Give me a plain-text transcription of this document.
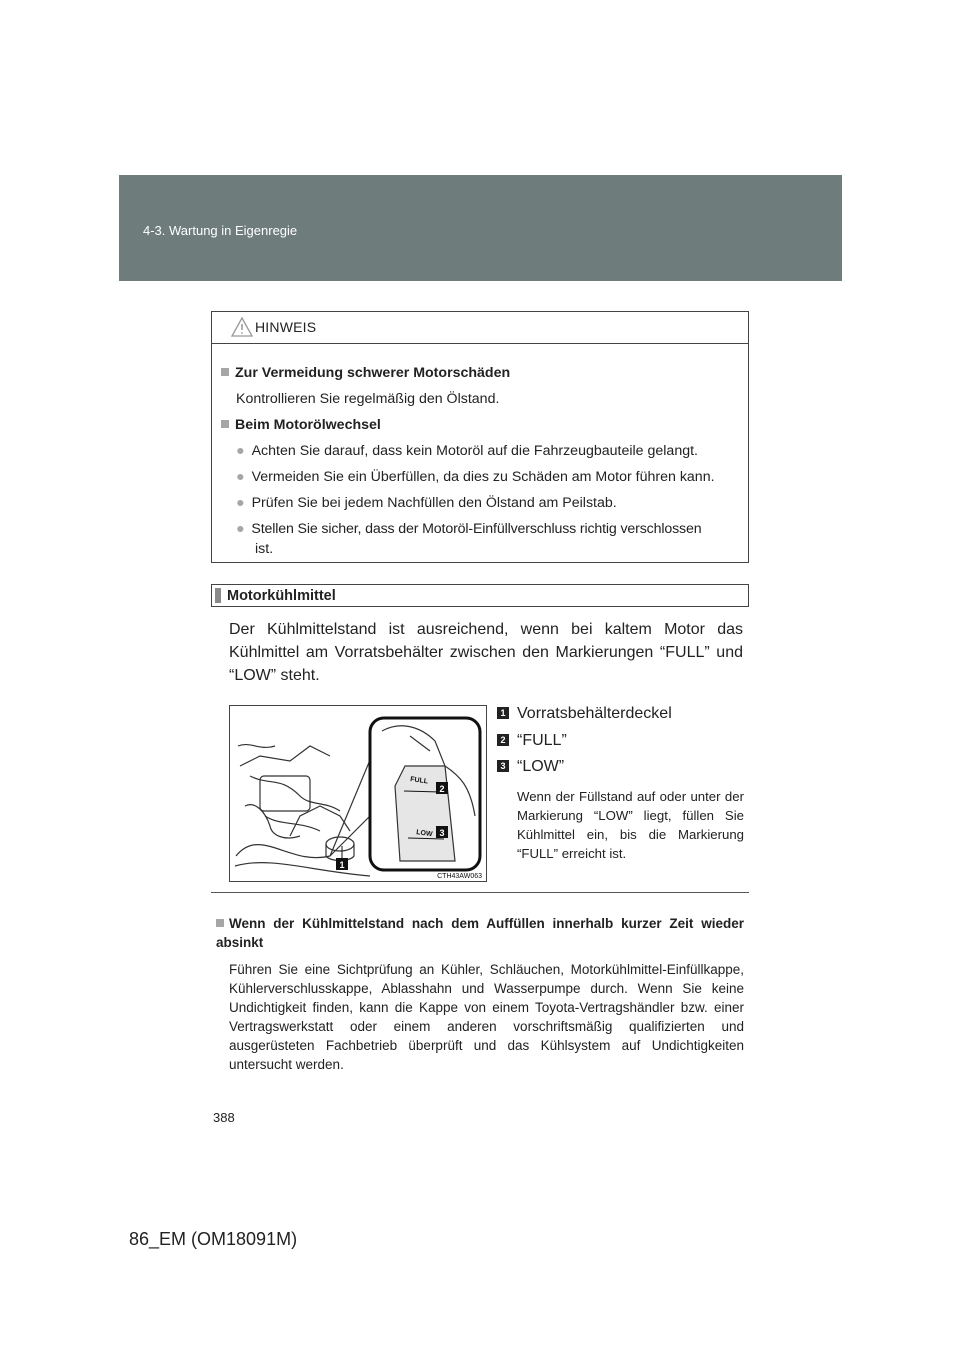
4-3. Wartung in Eigenregie
HINWEIS
Zur Vermeidung schwerer Motorschäden
Kontrollieren Sie regelmäßig den Ölstand.
Beim Motorölwechsel
● Achten Sie darauf, dass kein Motoröl auf die Fahrzeugbauteile gelangt.
● Vermeiden Sie ein Überfüllen, da dies zu Schäden am Motor führen kann.
● Prüfen Sie bei jedem Nachfüllen den Ölstand am Peilstab.
● Stellen Sie sicher, dass der Motoröl-Einfüllverschluss richtig verschlossen
ist.
Motorkühlmittel
Der Kühlmittelstand ist ausreichend, wenn bei kaltem Motor das Kühlmittel am Vorratsbehälter zwischen den Markierungen “FULL” und “LOW” steht.
FULL
LOW
2
3
1
CTH43AW063
1 Vorratsbehälterdeckel
2 “FULL”
3 “LOW”
Wenn der Füllstand auf oder unter der Markierung “LOW” liegt, füllen Sie Kühlmittel ein, bis die Markierung “FULL” erreicht ist.
Wenn der Kühlmittelstand nach dem Auffüllen innerhalb kurzer Zeit wieder absinkt
Führen Sie eine Sichtprüfung an Kühler, Schläuchen, Motorkühlmittel-Einfüllkappe, Kühlerverschlusskappe, Ablasshahn und Wasserpumpe durch. Wenn Sie keine Undichtigkeit finden, kann die Kappe von einem Toyota-Vertragshändler bzw. einer Vertragswerkstatt oder einem anderen vorschriftsmäßig qualifizierten und ausgerüsteten Fachbetrieb überprüft und das Kühlsystem auf Undichtigkeiten untersucht werden.
388
86_EM (OM18091M)
